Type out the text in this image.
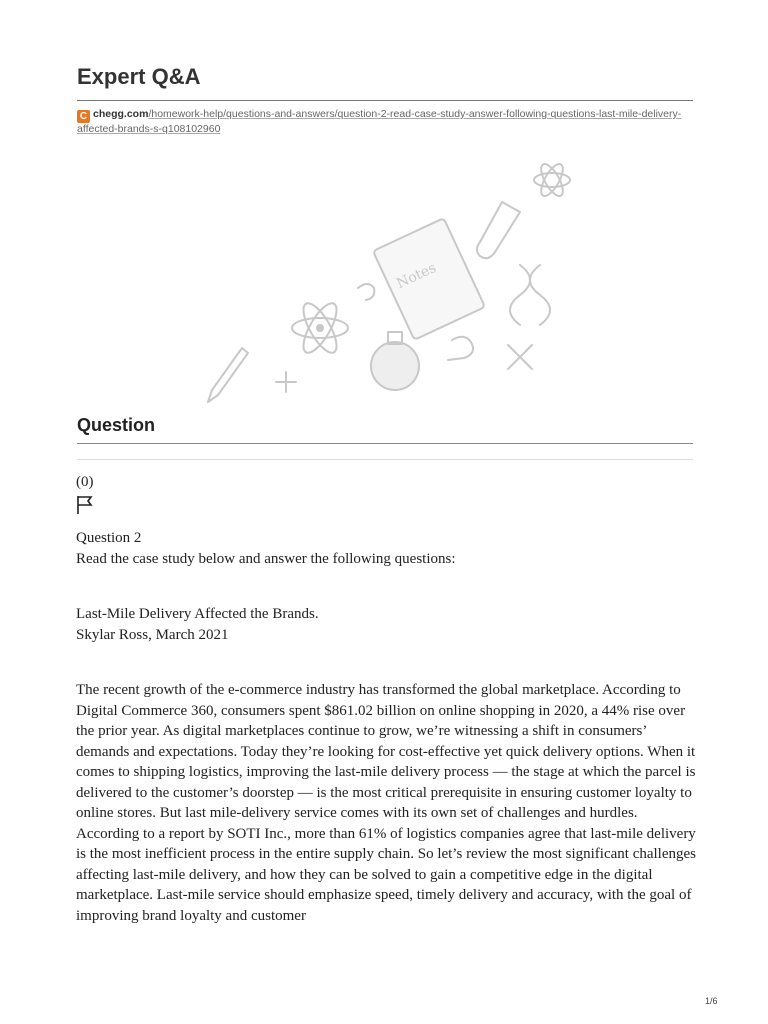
Expert Q&A
C chegg.com/homework-help/questions-and-answers/question-2-read-case-study-answer-following-questions-last-mile-delivery-affected-brands-s-q108102960
Notes
Question
(0)
Question 2
Read the case study below and answer the following questions:
Last-Mile Delivery Affected the Brands.
Skylar Ross, March 2021
The recent growth of the e-commerce industry has transformed the global marketplace. According to Digital Commerce 360, consumers spent $861.02 billion on online shopping in 2020, a 44% rise over the prior year. As digital marketplaces continue to grow, we’re witnessing a shift in consumers’ demands and expectations. Today they’re looking for cost-effective yet quick delivery options. When it comes to shipping logistics, improving the last-mile delivery process — the stage at which the parcel is delivered to the customer’s doorstep — is the most critical prerequisite in ensuring customer loyalty to online stores. But last mile-delivery service comes with its own set of challenges and hurdles.
According to a report by SOTI Inc., more than 61% of logistics companies agree that last-mile delivery is the most inefficient process in the entire supply chain. So let’s review the most significant challenges affecting last-mile delivery, and how they can be solved to gain a competitive edge in the digital marketplace. Last-mile service should emphasize speed, timely delivery and accuracy, with the goal of improving brand loyalty and customer
1/6
